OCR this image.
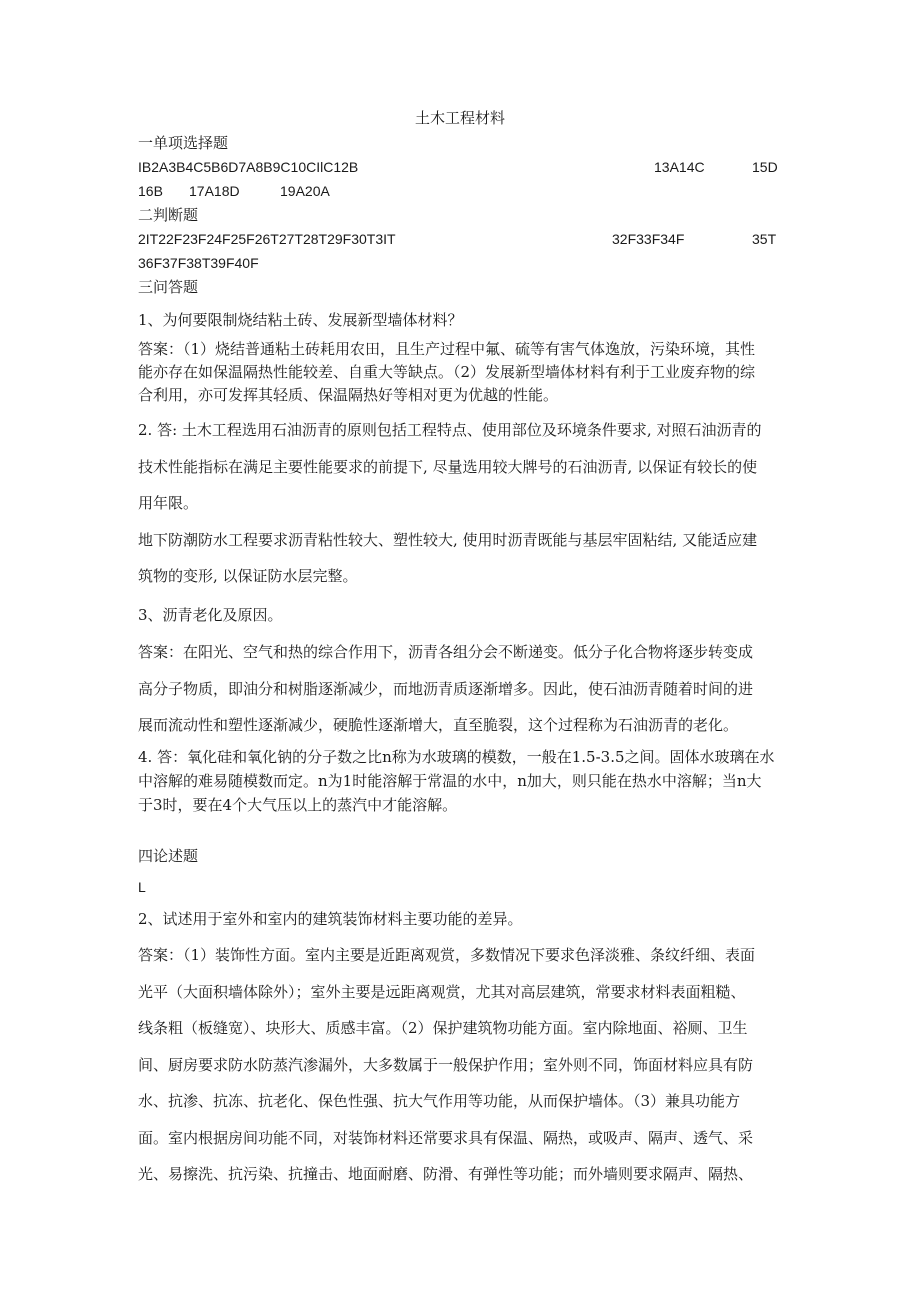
土木工程材料
一单项选择题
IB2A3B4C5B6D7A8B9C10CIlC12B	13A14C	15D
16B 17A18D	19A20A
二判断题
2IT22F23F24F25F26T27T28T29F30T3IT	32F33F34F	35T
36F37F38T39F40F
三问答题
1、为何要限制烧结粘土砖、发展新型墙体材料？
答案：（1）烧结普通粘土砖耗用农田，且生产过程中氟、硫等有害气体逸放，污染环境，其性
能亦存在如保温隔热性能较差、自重大等缺点。（2）发展新型墙体材料有利于工业废弃物的综
合利用，亦可发挥其轻质、保温隔热好等相对更为优越的性能。
2. 答: 土木工程选用石油沥青的原则包括工程特点、使用部位及环境条件要求, 对照石油沥青的
技术性能指标在满足主要性能要求的前提下, 尽量选用较大牌号的石油沥青, 以保证有较长的使
用年限。
地下防潮防水工程要求沥青粘性较大、塑性较大, 使用时沥青既能与基层牢固粘结, 又能适应建
筑物的变形, 以保证防水层完整。
3、沥青老化及原因。
答案：在阳光、空气和热的综合作用下，沥青各组分会不断递变。低分子化合物将逐步转变成
高分子物质，即油分和树脂逐渐减少，而地沥青质逐渐增多。因此，使石油沥青随着时间的进
展而流动性和塑性逐渐减少，硬脆性逐渐增大，直至脆裂，这个过程称为石油沥青的老化。
4. 答：氧化硅和氧化钠的分子数之比n称为水玻璃的模数，一般在1.5-3.5之间。固体水玻璃在水
中溶解的难易随模数而定。n为1时能溶解于常温的水中，n加大，则只能在热水中溶解；当n大
于3时，要在4个大气压以上的蒸汽中才能溶解。
四论述题
L
2、试述用于室外和室内的建筑装饰材料主要功能的差异。
答案：（1）装饰性方面。室内主要是近距离观赏，多数情况下要求色泽淡雅、条纹纤细、表面
光平（大面积墙体除外）；室外主要是远距离观赏，尤其对高层建筑，常要求材料表面粗糙、
线条粗（板缝宽）、块形大、质感丰富。（2）保护建筑物功能方面。室内除地面、裕厕、卫生
间、厨房要求防水防蒸汽渗漏外，大多数属于一般保护作用；室外则不同，饰面材料应具有防
水、抗渗、抗冻、抗老化、保色性强、抗大气作用等功能，从而保护墙体。（3）兼具功能方
面。室内根据房间功能不同，对装饰材料还常要求具有保温、隔热，或吸声、隔声、透气、采
光、易擦洗、抗污染、抗撞击、地面耐磨、防滑、有弹性等功能；而外墙则要求隔声、隔热、
